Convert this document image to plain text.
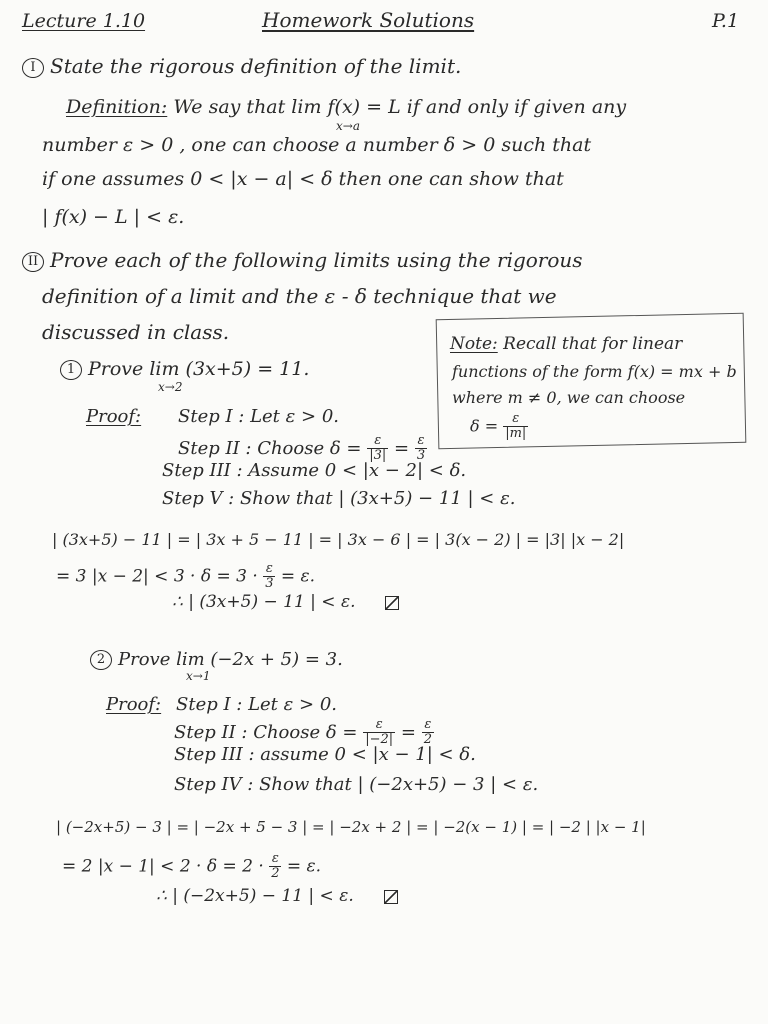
Lecture 1.10	Homework Solutions	P.1
I State the rigorous definition of the limit.
Definition: We say that lim f(x) = L if and only if given any
x→a
number ε > 0 , one can choose a number δ > 0 such that
if one assumes 0 < |x − a| < δ then one can show that
| f(x) − L | < ε.
II Prove each of the following limits using the rigorous
definition of a limit and the ε - δ technique that we
discussed in class.	Note: Recall that for linear
functions of the form f(x) = mx + b
where m ≠ 0, we can choose
$\delta = \frac{\varepsilon}{|m|}$
1 Prove lim (3x+5) = 11.
x→2
Proof: Step I : Let ε > 0.
Step II : Choose $\delta = \frac{\varepsilon}{|3|} = \frac{\varepsilon}{3}$
Step III : Assume 0 < |x − 2| < δ.
Step V : Show that | (3x+5) − 11 | < ε.
| (3x+5) − 11 | = | 3x + 5 − 11 | = | 3x − 6 | = | 3(x − 2) | = |3| |x − 2|
= 3 $|x - 2| < 3 \cdot \delta = 3 \cdot \frac{\varepsilon}{3} = \varepsilon$.
∴ | (3x+5) − 11 | < ε.
2 Prove lim (−2x + 5) = 3.
x→1
Proof: Step I : Let ε > 0.
Step II : Choose $\delta = \frac{\varepsilon}{|-2|} = \frac{\varepsilon}{2}$
Step III : assume 0 < |x − 1| < δ.
Step IV : Show that | (−2x+5) − 3 | < ε.
| (−2x+5) − 3 | = | −2x + 5 − 3 | = | −2x + 2 | = | −2(x − 1) | = | −2 | |x − 1|
= 2 $|x - 1| < 2 \cdot \delta = 2 \cdot \frac{\varepsilon}{2} = \varepsilon$.
∴ | (−2x+5) − 11 | < ε.
